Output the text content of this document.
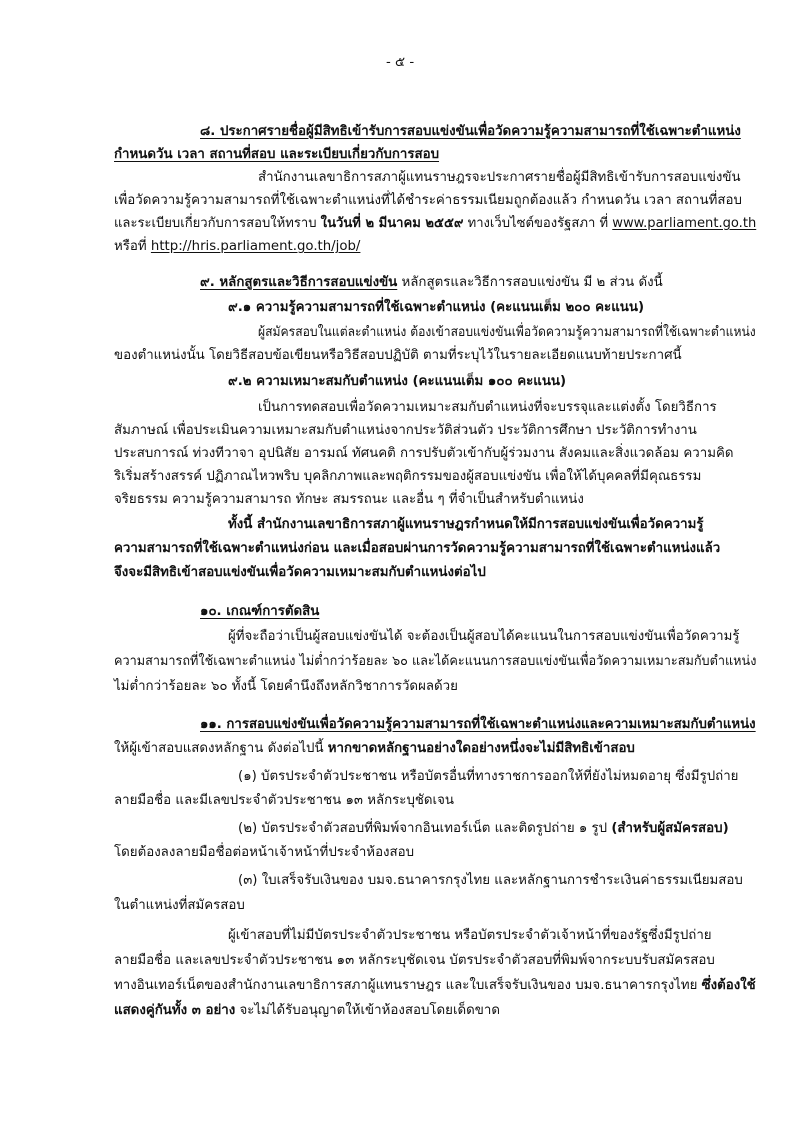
- ๕ -
๘. ประกาศรายชื่อผู้มีสิทธิเข้ารับการสอบแข่งขันเพื่อวัดความรู้ความสามารถที่ใช้เฉพาะตำแหน่ง
กำหนดวัน เวลา สถานที่สอบ และระเบียบเกี่ยวกับการสอบ
สำนักงานเลขาธิการสภาผู้แทนราษฎรจะประกาศรายชื่อผู้มีสิทธิเข้ารับการสอบแข่งขัน
เพื่อวัดความรู้ความสามารถที่ใช้เฉพาะตำแหน่งที่ได้ชำระค่าธรรมเนียมถูกต้องแล้ว กำหนดวัน เวลา สถานที่สอบ
และระเบียบเกี่ยวกับการสอบให้ทราบ ในวันที่ ๒ มีนาคม ๒๕๕๙ ทางเว็บไซต์ของรัฐสภา ที่ www.parliament.go.th
หรือที่ http://hris.parliament.go.th/job/
๙. หลักสูตรและวิธีการสอบแข่งขัน หลักสูตรและวิธีการสอบแข่งขัน มี ๒ ส่วน ดังนี้
๙.๑ ความรู้ความสามารถที่ใช้เฉพาะตำแหน่ง (คะแนนเต็ม ๒๐๐ คะแนน)
ผู้สมัครสอบในแต่ละตำแหน่ง ต้องเข้าสอบแข่งขันเพื่อวัดความรู้ความสามารถที่ใช้เฉพาะตำแหน่ง
ของตำแหน่งนั้น โดยวิธีสอบข้อเขียนหรือวิธีสอบปฏิบัติ ตามที่ระบุไว้ในรายละเอียดแนบท้ายประกาศนี้
๙.๒ ความเหมาะสมกับตำแหน่ง (คะแนนเต็ม ๑๐๐ คะแนน)
เป็นการทดสอบเพื่อวัดความเหมาะสมกับตำแหน่งที่จะบรรจุและแต่งตั้ง โดยวิธีการ
สัมภาษณ์ เพื่อประเมินความเหมาะสมกับตำแหน่งจากประวัติส่วนตัว ประวัติการศึกษา ประวัติการทำงาน
ประสบการณ์ ท่วงทีวาจา อุปนิสัย อารมณ์ ทัศนคติ การปรับตัวเข้ากับผู้ร่วมงาน สังคมและสิ่งแวดล้อม ความคิด
ริเริ่มสร้างสรรค์ ปฏิภาณไหวพริบ บุคลิกภาพและพฤติกรรมของผู้สอบแข่งขัน เพื่อให้ได้บุคคลที่มีคุณธรรม
จริยธรรม ความรู้ความสามารถ ทักษะ สมรรถนะ และอื่น ๆ ที่จำเป็นสำหรับตำแหน่ง
ทั้งนี้ สำนักงานเลขาธิการสภาผู้แทนราษฎรกำหนดให้มีการสอบแข่งขันเพื่อวัดความรู้
ความสามารถที่ใช้เฉพาะตำแหน่งก่อน และเมื่อสอบผ่านการวัดความรู้ความสามารถที่ใช้เฉพาะตำแหน่งแล้ว
จึงจะมีสิทธิเข้าสอบแข่งขันเพื่อวัดความเหมาะสมกับตำแหน่งต่อไป
๑๐. เกณฑ์การตัดสิน
ผู้ที่จะถือว่าเป็นผู้สอบแข่งขันได้ จะต้องเป็นผู้สอบได้คะแนนในการสอบแข่งขันเพื่อวัดความรู้
ความสามารถที่ใช้เฉพาะตำแหน่ง ไม่ต่ำกว่าร้อยละ ๖๐ และได้คะแนนการสอบแข่งขันเพื่อวัดความเหมาะสมกับตำแหน่ง
ไม่ต่ำกว่าร้อยละ ๖๐ ทั้งนี้ โดยคำนึงถึงหลักวิชาการวัดผลด้วย
๑๑. การสอบแข่งขันเพื่อวัดความรู้ความสามารถที่ใช้เฉพาะตำแหน่งและความเหมาะสมกับตำแหน่ง
ให้ผู้เข้าสอบแสดงหลักฐาน ดังต่อไปนี้ หากขาดหลักฐานอย่างใดอย่างหนึ่งจะไม่มีสิทธิเข้าสอบ
(๑) บัตรประจำตัวประชาชน หรือบัตรอื่นที่ทางราชการออกให้ที่ยังไม่หมดอายุ ซึ่งมีรูปถ่าย
ลายมือชื่อ และมีเลขประจำตัวประชาชน ๑๓ หลักระบุชัดเจน
(๒) บัตรประจำตัวสอบที่พิมพ์จากอินเทอร์เน็ต และติดรูปถ่าย ๑ รูป (สำหรับผู้สมัครสอบ)
โดยต้องลงลายมือชื่อต่อหน้าเจ้าหน้าที่ประจำห้องสอบ
(๓) ใบเสร็จรับเงินของ บมจ.ธนาคารกรุงไทย และหลักฐานการชำระเงินค่าธรรมเนียมสอบ
ในตำแหน่งที่สมัครสอบ
ผู้เข้าสอบที่ไม่มีบัตรประจำตัวประชาชน หรือบัตรประจำตัวเจ้าหน้าที่ของรัฐซึ่งมีรูปถ่าย
ลายมือชื่อ และเลขประจำตัวประชาชน ๑๓ หลักระบุชัดเจน บัตรประจำตัวสอบที่พิมพ์จากระบบรับสมัครสอบ
ทางอินเทอร์เน็ตของสำนักงานเลขาธิการสภาผู้แทนราษฎร และใบเสร็จรับเงินของ บมจ.ธนาคารกรุงไทย ซึ่งต้องใช้
แสดงคู่กันทั้ง ๓ อย่าง จะไม่ได้รับอนุญาตให้เข้าห้องสอบโดยเด็ดขาด
